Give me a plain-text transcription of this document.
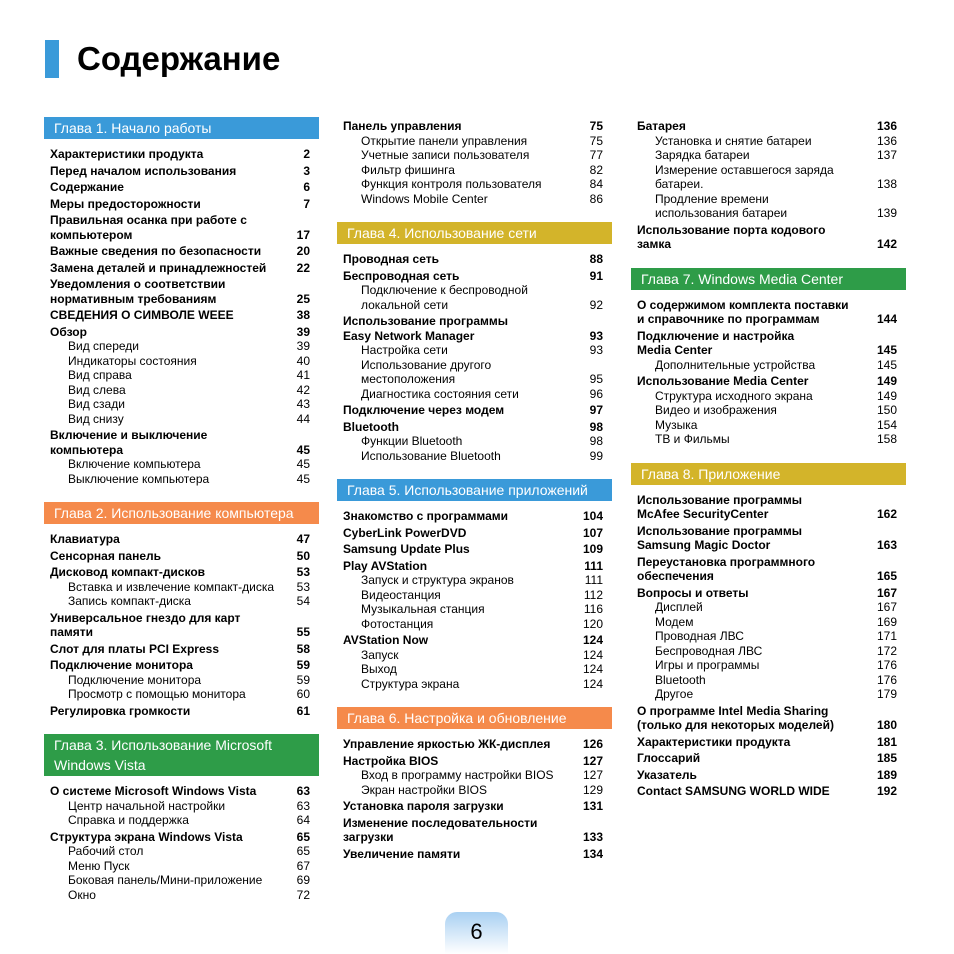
Содержание
Глава 1. Начало работы
Характеристики продукта	2
Перед началом использования	3
Содержание	6
Меры предосторожности	7
Правильная осанка при работе с
компьютером	17
Важные сведения по безопасности	20
Замена деталей и принадлежностей	22
Уведомления о соответствии
нормативным требованиям	25
СВЕДЕНИЯ О СИМВОЛЕ WEEE	38
Обзор	39
Вид спереди	39
Индикаторы состояния	40
Вид справа	41
Вид слева	42
Вид сзади	43
Вид снизу	44
Включение и выключение
компьютера	45
Включение компьютера	45
Выключение компьютера	45
Глава 2. Использование компьютера
Клавиатура	47
Сенсорная панель	50
Дисковод компакт-дисков	53
Вставка и извлечение компакт-диска	53
Запись компакт-диска	54
Универсальное гнездо для карт
памяти	55
Слот для платы PCI Express	58
Подключение монитора	59
Подключение монитора	59
Просмотр с помощью монитора	60
Регулировка громкости	61
Глава 3. Использование Microsoft
Windows Vista
О системе Microsoft Windows Vista	63
Центр начальной настройки	63
Справка и поддержка	64
Структура экрана Windows Vista	65
Рабочий стол	65
Меню Пуск	67
Боковая панель/Мини-приложение	69
Окно	72
Панель управления	75
Открытие панели управления	75
Учетные записи пользователя	77
Фильтр фишинга	82
Функция контроля пользователя	84
Windows Mobile Center	86
Глава 4. Использование сети
Проводная сеть	88
Беспроводная сеть	91
Подключение к беспроводной
локальной сети	92
Использование программы
Easy Network Manager	93
Настройка сети	93
Использование другого
местоположения	95
Диагностика состояния сети	96
Подключение через модем	97
Bluetooth	98
Функции Bluetooth	98
Использование Bluetooth	99
Глава 5. Использование приложений
Знакомство с программами	104
CyberLink PowerDVD	107
Samsung Update Plus	109
Play AVStation	111
Запуск и структура экранов	111
Видеостанция	112
Музыкальная станция	116
Фотостанция	120
AVStation Now	124
Запуск	124
Выход	124
Структура экрана	124
Глава 6. Настройка и обновление
Управление яркостью ЖК-дисплея	126
Настройка BIOS	127
Вход в программу настройки BIOS	127
Экран настройки BIOS	129
Установка пароля загрузки	131
Изменение последовательности
загрузки	133
Увеличение памяти	134
Батарея	136
Установка и снятие батареи	136
Зарядка батареи	137
Измерение оставшегося заряда
батареи.	138
Продление времени
использования батареи	139
Использование порта кодового
замка	142
Глава 7. Windows Media Center
О содержимом комплекта поставки
и справочнике по программам	144
Подключение и настройка
Media Center	145
Дополнительные устройства	145
Использование Media Center	149
Структура исходного экрана	149
Видео и изображения	150
Музыка	154
ТВ и Фильмы	158
Глава 8. Приложение
Использование программы
McAfee SecurityCenter	162
Использование программы
Samsung Magic Doctor	163
Переустановка программного
обеспечения	165
Вопросы и ответы	167
Дисплей	167
Модем	169
Проводная ЛВС	171
Беспроводная ЛВС	172
Игры и программы	176
Bluetooth	176
Другое	179
О программе Intel Media Sharing
(только для некоторых моделей)	180
Характеристики продукта	181
Глоссарий	185
Указатель	189
Contact SAMSUNG WORLD WIDE	192
6
